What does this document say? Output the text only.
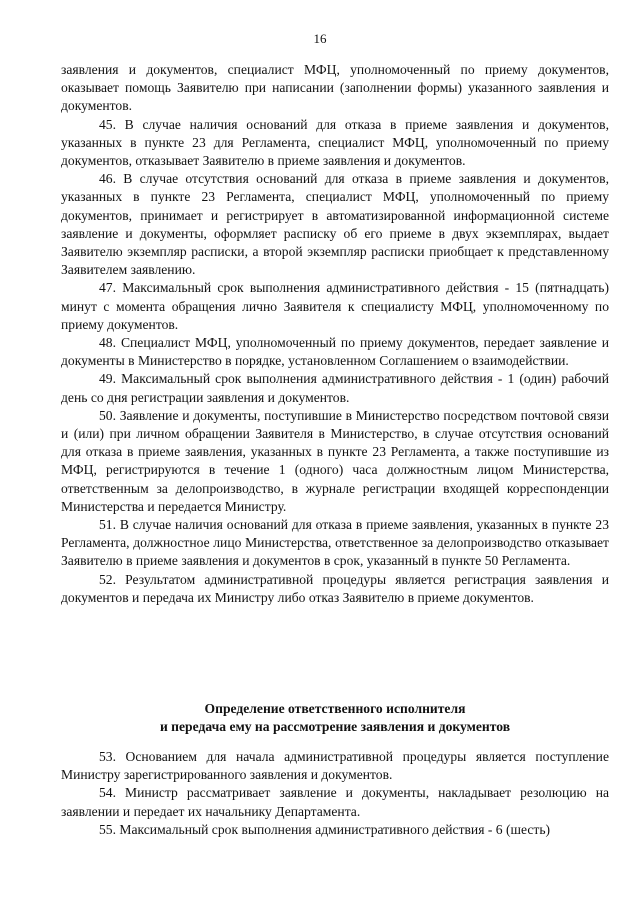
16

заявления и документов, специалист МФЦ, уполномоченный по приему документов, оказывает помощь Заявителю при написании (заполнении формы) указанного заявления и документов.

45. В случае наличия оснований для отказа в приеме заявления и документов, указанных в пункте 23 для Регламента, специалист МФЦ, уполномоченный по приему документов, отказывает Заявителю в приеме заявления и документов.

46. В случае отсутствия оснований для отказа в приеме заявления и документов, указанных в пункте 23 Регламента, специалист МФЦ, уполномоченный по приему документов, принимает и регистрирует в автоматизированной информационной системе заявление и документы, оформляет расписку об его приеме в двух экземплярах, выдает Заявителю экземпляр расписки, а второй экземпляр расписки приобщает к представленному Заявителем заявлению.

47. Максимальный срок выполнения административного действия - 15 (пятнадцать) минут с момента обращения лично Заявителя к специалисту МФЦ, уполномоченному по приему документов.

48. Специалист МФЦ, уполномоченный по приему документов, передает заявление и документы в Министерство в порядке, установленном Соглашением о взаимодействии.

49. Максимальный срок выполнения административного действия - 1 (один) рабочий день со дня регистрации заявления и документов.

50. Заявление и документы, поступившие в Министерство посредством почтовой связи и (или) при личном обращении Заявителя в Министерство, в случае отсутствия оснований для отказа в приеме заявления, указанных в пункте 23 Регламента, а также поступившие из МФЦ, регистрируются в течение 1 (одного) часа должностным лицом Министерства, ответственным за делопроизводство, в журнале регистрации входящей корреспонденции Министерства и передается Министру.

51. В случае наличия оснований для отказа в приеме заявления, указанных в пункте 23 Регламента, должностное лицо Министерства, ответственное за делопроизводство отказывает Заявителю в приеме заявления и документов в срок, указанный в пункте 50 Регламента.

52. Результатом административной процедуры является регистрация заявления и документов и передача их Министру либо отказ Заявителю в приеме документов.

Определение ответственного исполнителя
и передача ему на рассмотрение заявления и документов

53. Основанием для начала административной процедуры является поступление Министру зарегистрированного заявления и документов.

54. Министр рассматривает заявление и документы, накладывает резолюцию на заявлении и передает их начальнику Департамента.

55. Максимальный срок выполнения административного действия - 6 (шесть)
